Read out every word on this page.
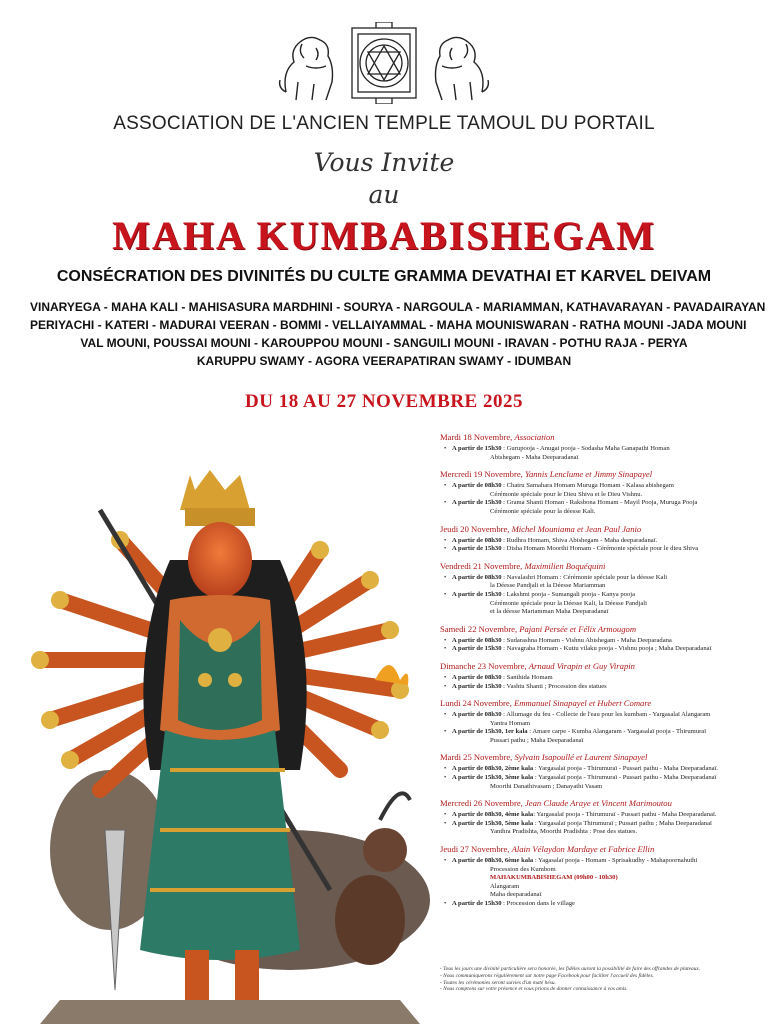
ASSOCIATION DE L'ANCIEN TEMPLE TAMOUL DU PORTAIL
Vous Invite
au
MAHA KUMBABISHEGAM
CONSÉCRATION DES DIVINITÉS DU CULTE GRAMMA DEVATHAI ET KARVEL DEIVAM
VINARYEGA - MAHA KALI - MAHISASURA MARDHINI - SOURYA - NARGOULA - MARIAMMAN, KATHAVARAYAN - PAVADAIRAYAN
PERIYACHI - KATERI - MADURAI VEERAN - BOMMI - VELLAIYAMMAL - MAHA MOUNISWARAN - RATHA MOUNI -JADA MOUNI
VAL MOUNI, POUSSAI MOUNI - KAROUPPOU MOUNI - SANGUILI MOUNI - IRAVAN - POTHU RAJA - PERYA
KARUPPU SWAMY - AGORA VEERAPATIRAN SWAMY - IDUMBAN
DU 18 AU 27 NOVEMBRE 2025
Mardi 18 Novembre, Association
• A partir de 15h30 : Gurupooja - Anugai pooja - Sodasha Maha Ganapathi Homan
Abishegam - Maha Deeparadanaï
Mercredi 19 Novembre, Yannis Lenclume et Jimmy Sinapayel
• A partir de 08h30 : Chatru Samahara Homam Muruga Homam - Kalasa abishegam
Cérémonie spéciale pour le Dieu Shiva et le Dieu Vishnu.
• A partir de 15h30 : Grama Shanti Homan - Raksbona Homam - Mayil Pooja, Muruga Pooja
Cérémonie spéciale pour la déesse Kali.
Jeudi 20 Novembre, Michel Mouniama et Jean Paul Janio
• A partir de 08h30 : Rudhra Homam, Shiva Abishegam - Maha deeparadanaï.
• A partir de 15h30 : Disha Homam Moorthi Homam - Cérémonie spéciale pour le dieu Shiva
Vendredi 21 Novembre, Maximilien Boquéquini
• A partir de 08h30 : Navalashri Homam : Cérémonie spéciale pour la déesse Kali
la Déesse Pandjali et la Déesse Mariamman
• A partir de 15h30 : Lakshmi pooja - Sumangali pooja - Kanya pooja
Cérémonie spéciale pour la Déesse Kali, la Déesse Pandjali
et la déesse Mariamman Maha Deeparadanaï
Samedi 22 Novembre, Pajani Persée et Félix Armougom
• A partir de 08h30 : Sudarashna Homam - Vishnu Abishegam - Maha Deeparadana
• A partir de 15h30 : Navagraha Homam - Kuttu vilaku pooja - Vishnu pooja ; Maha Deeparadanaï
Dimanche 23 Novembre, Arnaud Virapin et Guy Virapin
• A partir de 08h30 : Santhida Homam
• A partir de 15h30 : Vashtu Shanti ; Procession des statues
Lundi 24 Novembre, Emmanuel Sinapayel et Hubert Comare
• A partir de 08h30 : Allumage du feu - Collecte de l'eau pour les kumbam - Yargasalaï Alangaram
Yantra Homam
• A partir de 15h30, 1er kala : Amare carpe - Kumba Alangaram - Yargasalaï pooja - Thirumuraï
Pussari pathu ; Maha Deeparadanaï
Mardi 25 Novembre, Sylvain Isapoullé et Laurent Sinapayel
• A partir de 08h30, 2ème kala : Yargasalaï pooja - Thirumuraï - Pussari pathu - Maha Deeparadanaï.
• A partir de 15h30, 3ème kala : Yargasalaï pooja - Thirumuraï - Pussari pathu - Maha Deeparadanaï
Moorthi Danathivasam ; Danayathi Vasam
Mercredi 26 Novembre, Jean Claude Araye et Vincent Marimoutou
• A partir de 08h30, 4ème kala: Yargasalaï pooja - Thirumuraï - Pussari pathu - Maha Deeparadanaï.
• A partir de 15h30, 5ème kala : Yargasalaï pooja Thirumuraï ; Pussari pathu ; Maha Deeparadanaï
Yanthra Pradishta, Moorthi Pradishta : Pose des statues.
Jeudi 27 Novembre, Alain Vélaydon Mardaye et Fabrice Ellin
• A partir de 08h30, 6ème kala : Yagasalaï pooja - Homam - Sprisakudhy - Mahapoornahuthi
Procession des Kumbom
MAHAKUMBABISHEGAM (09h00 - 10h30)
Alangaram
Maha deeparadanaï
• A partir de 15h30 : Procession dans le village
- Tous les jours une divinité particulière sera honorée, les fidèles auront la possibilité de faire des offrandes de plateaux.
- Nous communiquerons régulièrement sur notre page Facebook pour faciliter l'accueil des fidèles.
- Toutes les cérémonies seront suivies d'un maté hésu.
- Nous comptons sur votre présence et vous prions de donner connaissance à vos amis.
